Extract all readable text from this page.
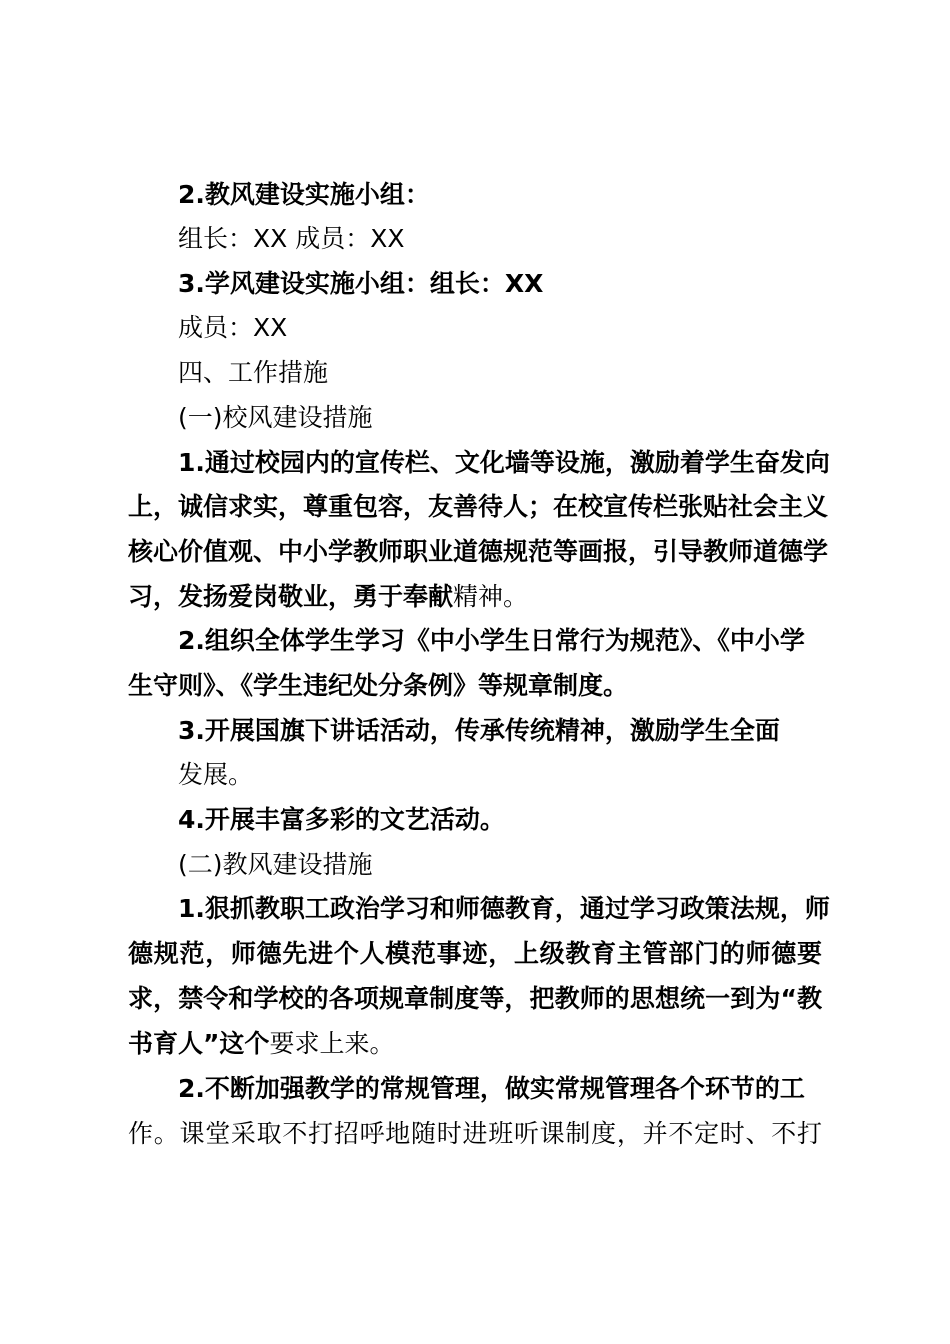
2.教风建设实施小组：
组长：XX 成员：XX
3.学风建设实施小组：组长：XX
成员：XX
四、工作措施
(一)校风建设措施
1.通过校园内的宣传栏、文化墙等设施，激励着学生奋发向
上，诚信求实，尊重包容，友善待人；在校宣传栏张贴社会主义
核心价值观、中小学教师职业道德规范等画报，引导教师道德学
习，发扬爱岗敬业，勇于奉献精神。
2.组织全体学生学习《中小学生日常行为规范》、《中小学
生守则》、《学生违纪处分条例》等规章制度。
3.开展国旗下讲话活动，传承传统精神，激励学生全面
发展。
4.开展丰富多彩的文艺活动。
(二)教风建设措施
1.狠抓教职工政治学习和师德教育，通过学习政策法规，师
德规范，师德先进个人模范事迹，上级教育主管部门的师德要
求，禁令和学校的各项规章制度等，把教师的思想统一到为“教
书育人”这个要求上来。
2.不断加强教学的常规管理，做实常规管理各个环节的工
作。课堂采取不打招呼地随时进班听课制度，并不定时、不打
